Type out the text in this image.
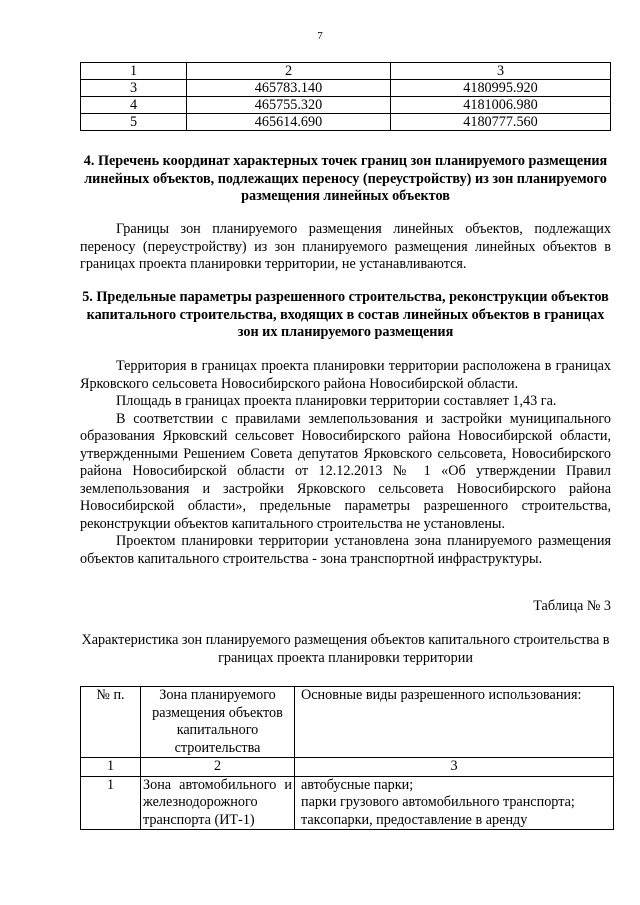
7
1	2	3
3	465783.140	4180995.920
4	465755.320	4181006.980
5	465614.690	4180777.560
4. Перечень координат характерных точек границ зон планируемого размещения линейных объектов, подлежащих переносу (переустройству) из зон планируемого размещения линейных объектов

Границы зон планируемого размещения линейных объектов, подлежащих переносу (переустройству) из зон планируемого размещения линейных объектов в границах проекта планировки территории, не устанавливаются.

5. Предельные параметры разрешенного строительства, реконструкции объектов капитального строительства, входящих в состав линейных объектов в границах зон их планируемого размещения

Территория в границах проекта планировки территории расположена в границах Ярковского сельсовета Новосибирского района Новосибирской области.

Площадь в границах проекта планировки территории составляет 1,43 га.

В соответствии с правилами землепользования и застройки муниципального образования Ярковский сельсовет Новосибирского района Новосибирской области, утвержденными Решением Совета депутатов Ярковского сельсовета, Новосибирского района Новосибирской области от 12.12.2013 № 1 «Об утверждении Правил землепользования и застройки Ярковского сельсовета Новосибирского района Новосибирской области», предельные параметры разрешенного строительства, реконструкции объектов капитального строительства не установлены.

Проектом планировки территории установлена зона планируемого размещения объектов капитального строительства - зона транспортной инфраструктуры.

Таблица № 3
Характеристика зон планируемого размещения объектов капитального строительства в границах проекта планировки территории
№ п.	Зона планируемого размещения объектов капитального строительства	Основные виды разрешенного использования:
1	2	3
1	Зона автомобильного и железнодорожного транспорта (ИТ-1)	автобусные парки;
парки грузового автомобильного транспорта;
таксопарки, предоставление в аренду
